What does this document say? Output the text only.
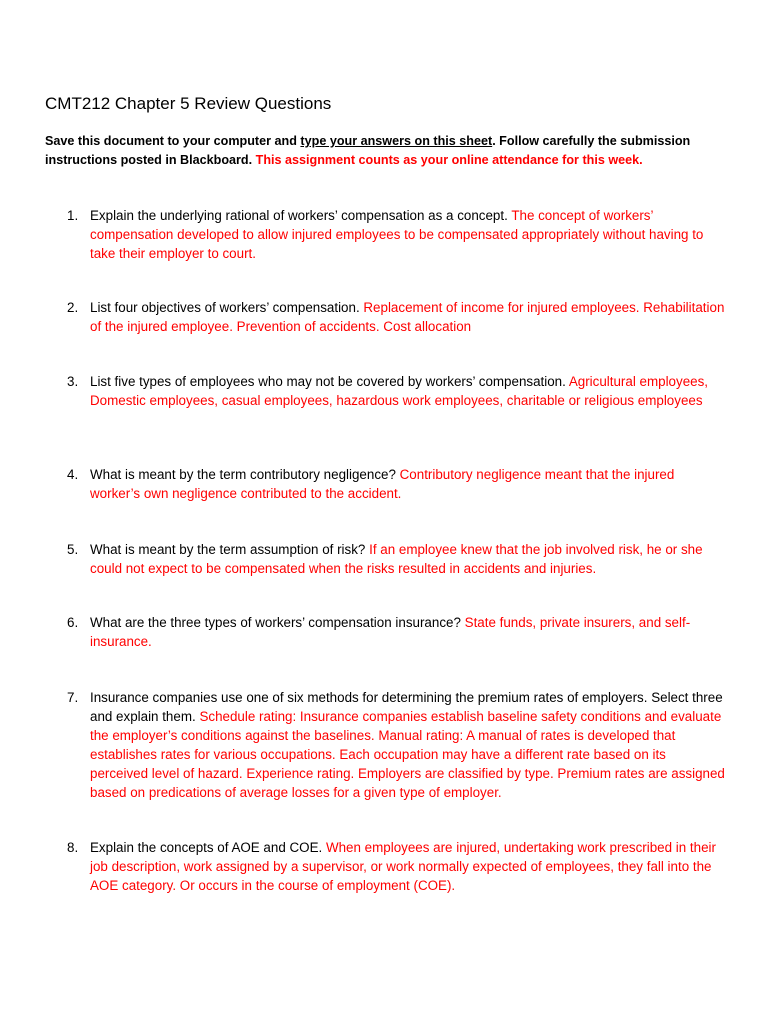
CMT212 Chapter 5 Review Questions

Save this document to your computer and type your answers on this sheet. Follow carefully the submission instructions posted in Blackboard. This assignment counts as your online attendance for this week.

1. Explain the underlying rational of workers’ compensation as a concept. The concept of workers’ compensation developed to allow injured employees to be compensated appropriately without having to take their employer to court.
2. List four objectives of workers’ compensation. Replacement of income for injured employees. Rehabilitation of the injured employee. Prevention of accidents. Cost allocation
3. List five types of employees who may not be covered by workers’ compensation. Agricultural employees, Domestic employees, casual employees, hazardous work employees, charitable or religious employees
4. What is meant by the term contributory negligence? Contributory negligence meant that the injured worker’s own negligence contributed to the accident.
5. What is meant by the term assumption of risk? If an employee knew that the job involved risk, he or she could not expect to be compensated when the risks resulted in accidents and injuries.
6. What are the three types of workers’ compensation insurance? State funds, private insurers, and self-insurance.
7. Insurance companies use one of six methods for determining the premium rates of employers. Select three and explain them. Schedule rating: Insurance companies establish baseline safety conditions and evaluate the employer’s conditions against the baselines. Manual rating: A manual of rates is developed that establishes rates for various occupations. Each occupation may have a different rate based on its perceived level of hazard. Experience rating. Employers are classified by type. Premium rates are assigned based on predications of average losses for a given type of employer.
8. Explain the concepts of AOE and COE. When employees are injured, undertaking work prescribed in their job description, work assigned by a supervisor, or work normally expected of employees, they fall into the AOE category. Or occurs in the course of employment (COE).
